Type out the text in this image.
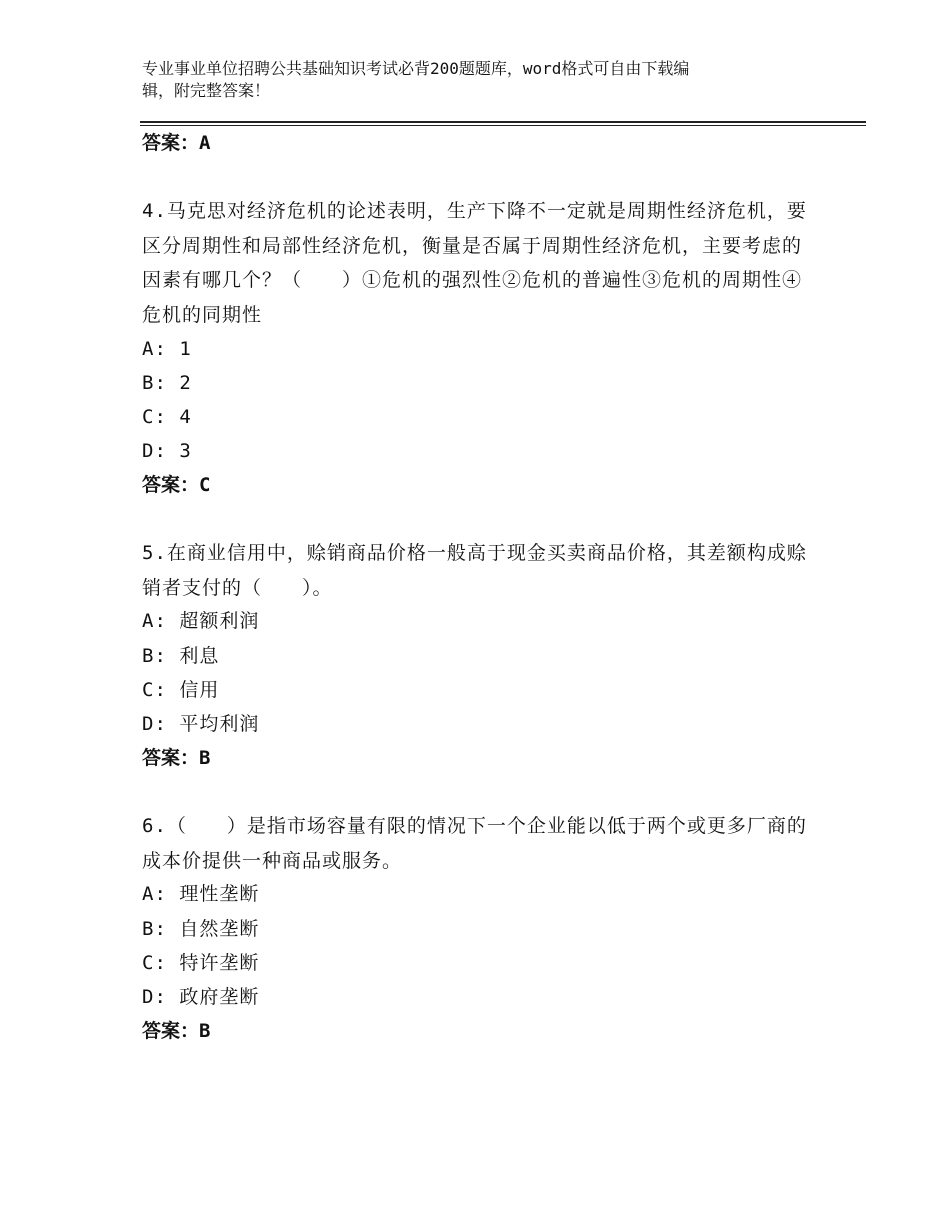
专业事业单位招聘公共基础知识考试必背200题题库，word格式可自由下载编
辑，附完整答案！
答案：A
4.马克思对经济危机的论述表明，生产下降不一定就是周期性经济危机，要区分周期性和局部性经济危机，衡量是否属于周期性经济危机，主要考虑的因素有哪几个？（　　）①危机的强烈性②危机的普遍性③危机的周期性④危机的同期性
A: 1
B: 2
C: 4
D: 3
答案：C
5.在商业信用中，赊销商品价格一般高于现金买卖商品价格，其差额构成赊销者支付的（　　）。
A: 超额利润
B: 利息
C: 信用
D: 平均利润
答案：B
6.（　　）是指市场容量有限的情况下一个企业能以低于两个或更多厂商的成本价提供一种商品或服务。
A: 理性垄断
B: 自然垄断
C: 特许垄断
D: 政府垄断
答案：B
